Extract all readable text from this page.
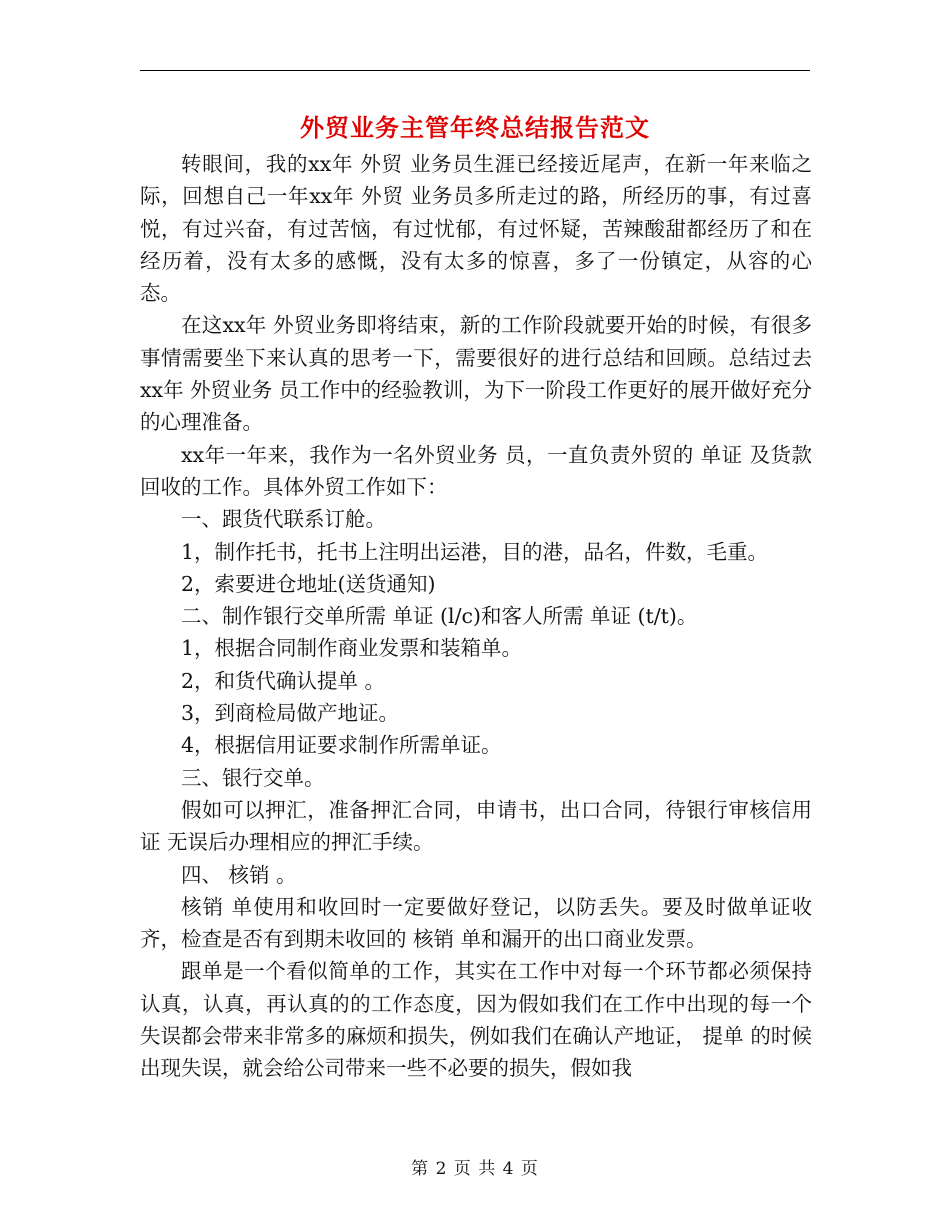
外贸业务主管年终总结报告范文

转眼间，我的xx年 外贸 业务员生涯已经接近尾声，在新一年来临之际，回想自己一年xx年 外贸 业务员多所走过的路，所经历的事，有过喜悦，有过兴奋，有过苦恼，有过忧郁，有过怀疑，苦辣酸甜都经历了和在经历着，没有太多的感慨，没有太多的惊喜，多了一份镇定，从容的心态。

在这xx年 外贸业务即将结束，新的工作阶段就要开始的时候，有很多事情需要坐下来认真的思考一下，需要很好的进行总结和回顾。总结过去xx年 外贸业务 员工作中的经验教训，为下一阶段工作更好的展开做好充分的心理准备。

xx年一年来，我作为一名外贸业务 员，一直负责外贸的 单证 及货款回收的工作。具体外贸工作如下：

一、跟货代联系订舱。

1，制作托书，托书上注明出运港，目的港，品名，件数，毛重。

2，索要进仓地址(送货通知)

二、制作银行交单所需 单证 (l/c)和客人所需 单证 (t/t)。

1，根据合同制作商业发票和装箱单。

2，和货代确认提单 。

3，到商检局做产地证。

4，根据信用证要求制作所需单证。

三、银行交单。

假如可以押汇，准备押汇合同，申请书，出口合同，待银行审核信用证 无误后办理相应的押汇手续。

四、 核销 。

核销 单使用和收回时一定要做好登记，以防丢失。要及时做单证收齐，检查是否有到期未收回的 核销 单和漏开的出口商业发票。

跟单是一个看似简单的工作，其实在工作中对每一个环节都必须保持认真，认真，再认真的的工作态度，因为假如我们在工作中出现的每一个失误都会带来非常多的麻烦和损失，例如我们在确认产地证， 提单 的时候出现失误，就会给公司带来一些不必要的损失，假如我

第 2 页 共 4 页
